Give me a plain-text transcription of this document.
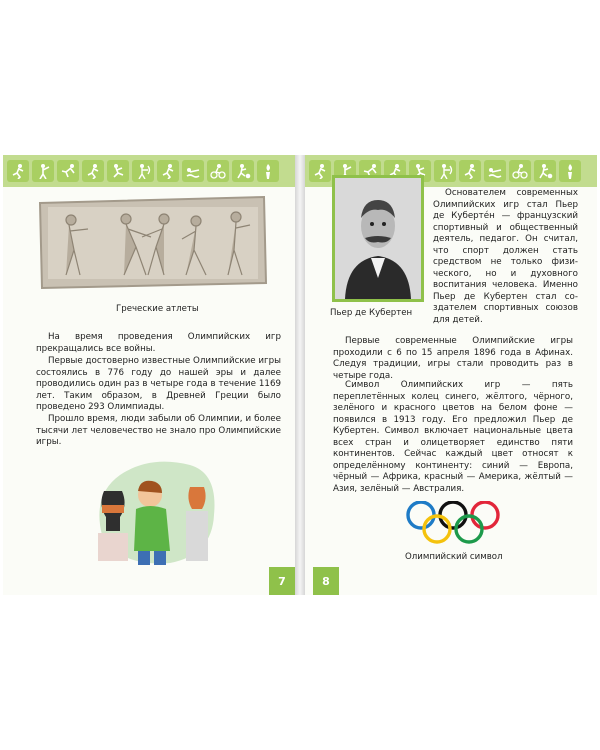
Греческие атлеты
На время проведения Олимпийских игр прекращались все войны.
Первые достоверно известные Олимпийские игры состоялись в 776 году до нашей эры и далее проводились один раз в четыре года в течение 1169 лет. Таким образом, в Древней Греции было проведено 293 Олимпиады.
Прошло время, люди забыли об Олимпии, и более тысячи лет человечество не знало про Олимпийские игры.
7
Пьер де Кубертен
Основателем современных
Олимпийских игр стал Пьер
де Кубертéн — французский
спортивный и общественный
деятель, педагог. Он считал,
что спорт должен стать
средством не только физи-
ческого, но и духовного
воспитания человека. Именно
Пьер де Кубертен стал со-
здателем спортивных союзов
для детей.
Первые современные Олимпийские игры проходили с 6 по 15 апреля 1896 года в Афинах. Следуя традиции, игры стали проводить раз в четыре года.
Символ Олимпийских игр — пять переплетённых колец синего, жёлтого, чёрного, зелёного и красного цветов на белом фоне — появился в 1913 году. Его предложил Пьер де Кубертен. Символ включает национальные цвета всех стран и олицетворяет единство пяти континентов. Сейчас каждый цвет относят к определённому континенту: синий — Европа, чёрный — Африка, красный — Америка, жёлтый — Азия, зелёный — Австралия.
Олимпийский символ
8
